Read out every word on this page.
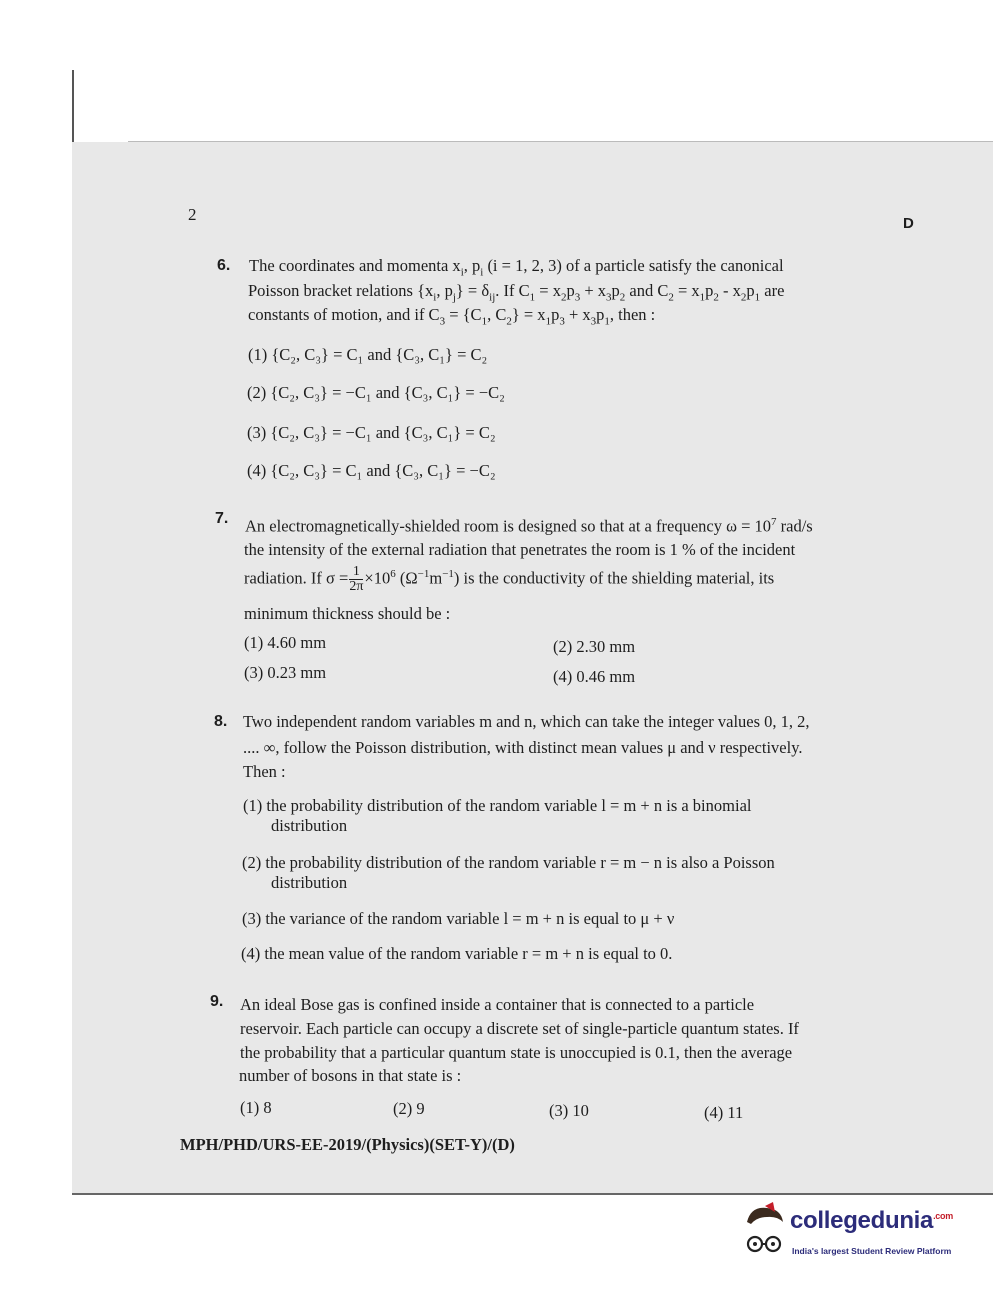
2	D
6. The coordinates and momenta $x_i$, $p_i$ (i = 1, 2, 3) of a particle satisfy the canonical
Poisson bracket relations {$x_i$, $p_j\} = \delta_{ij}$. If $C_1 = x_2p_3 + x_3p_2$ and $C_2 = x_1p_2 - x_2p_1$ are
constants of motion, and if $C_3 = \{C_1$, $C_2\} = x_1p_3 + x_3p_1$, then :
(1) {C₂, C₃} = C₁ and {C₃, C₁} = C₂
(2) {C₂, C₃} = −C₁ and {C₃, C₁} = −C₂
(3) {C₂, C₃} = −C₁ and {C₃, C₁} = C₂
(4) {C₂, C₃} = C₁ and {C₃, C₁} = −C₂
7. An electromagnetically-shielded room is designed so that at a frequency $\omega = 10^7$ rad/s
the intensity of the external radiation that penetrates the room is 1 % of the incident
radiation. If $\sigma = \frac{1}{2\pi} \times 10^6$ $(\Omega^{-1}m^{-1})$ is the conductivity of the shielding material, its
minimum thickness should be :
(1) 4.60 mm	(2) 2.30 mm
(3) 0.23 mm	(4) 0.46 mm
8. Two independent random variables m and n, which can take the integer values 0, 1, 2,
.... ∞, follow the Poisson distribution, with distinct mean values μ and ν respectively.
Then :
(1) the probability distribution of the random variable l = m + n is a binomial
distribution
(2) the probability distribution of the random variable r = m − n is also a Poisson
distribution
(3) the variance of the random variable l = m + n is equal to μ + ν
(4) the mean value of the random variable r = m + n is equal to 0.
9. An ideal Bose gas is confined inside a container that is connected to a particle
reservoir. Each particle can occupy a discrete set of single-particle quantum states. If
the probability that a particular quantum state is unoccupied is 0.1, then the average
number of bosons in that state is :
(1) 8	(2) 9	(3) 10	(4) 11
MPH/PHD/URS-EE-2019/(Physics)(SET-Y)/(D)
collegedunia$^{.com}$
India's largest Student Review Platform
